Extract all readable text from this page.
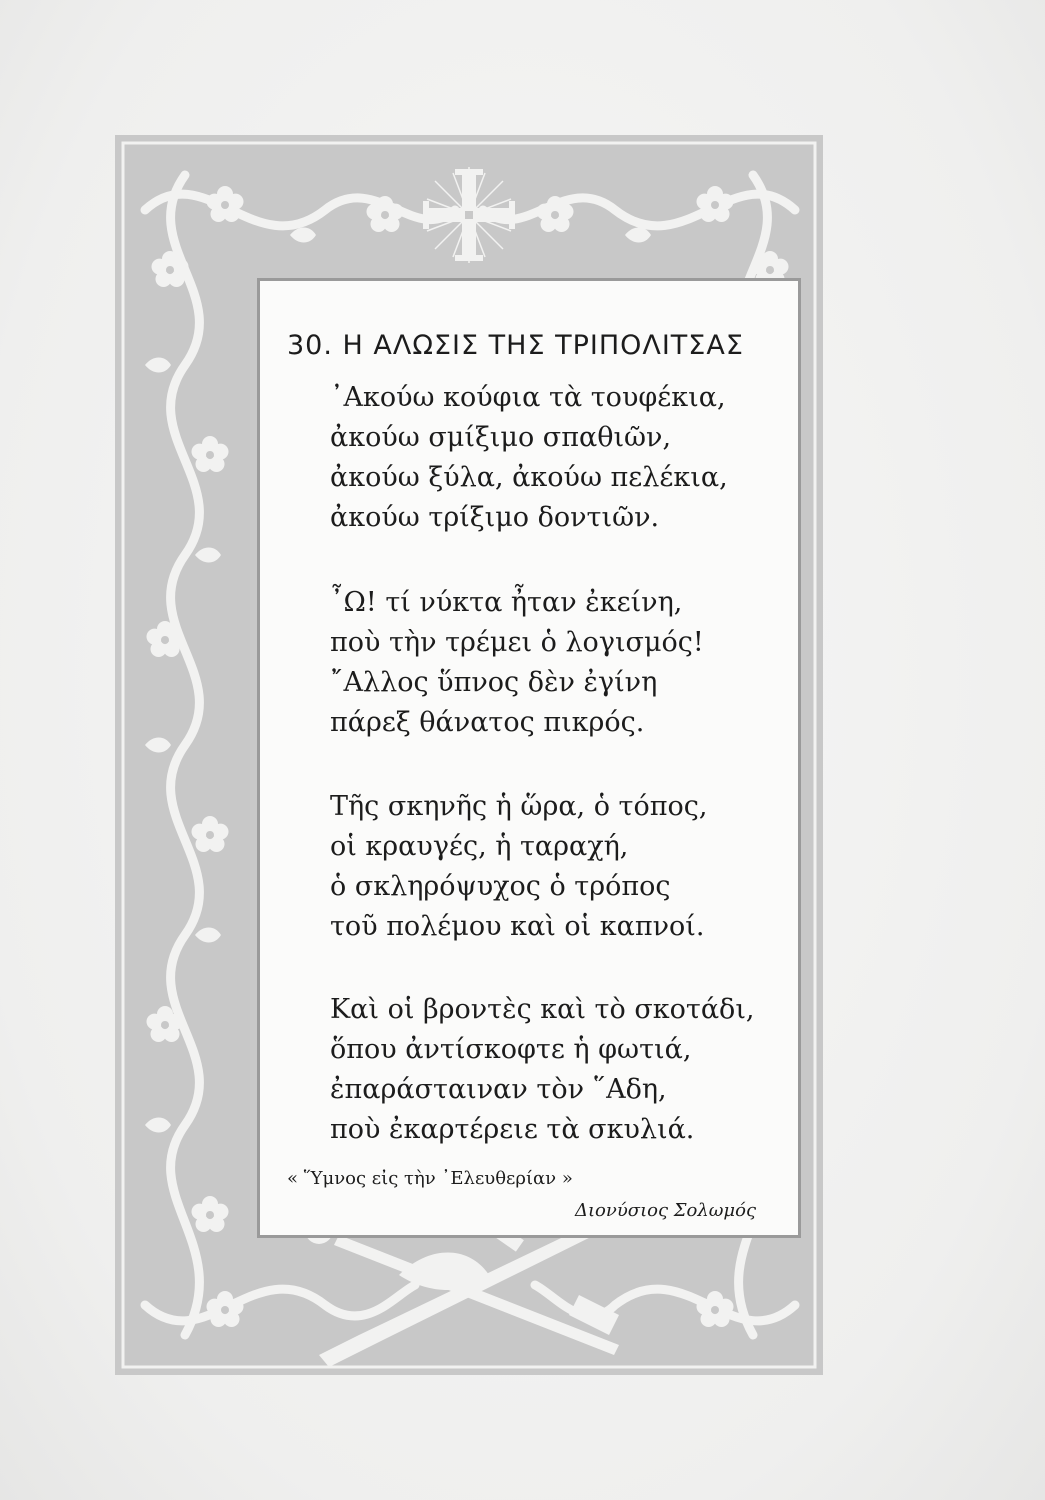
30. Η ΑΛΩΣΙΣ ΤΗΣ ΤΡΙΠΟΛΙΤΣΑΣ
᾿Ακούω κούφια τὰ τουφέκια,
ἀκούω σμίξιμο σπαθιῶν,
ἀκούω ξύλα, ἀκούω πελέκια,
ἀκούω τρίξιμο δοντιῶν.
῏Ω! τί νύκτα ἦταν ἐκείνη,
ποὺ τὴν τρέμει ὁ λογισμός!
῎Αλλος ὕπνος δὲν ἐγίνη
πάρεξ θάνατος πικρός.
Τῆς σκηνῆς ἡ ὥρα, ὁ τόπος,
οἱ κραυγές, ἡ ταραχή,
ὁ σκληρόψυχος ὁ τρόπος
τοῦ πολέμου καὶ οἱ καπνοί.
Καὶ οἱ βροντὲς καὶ τὸ σκοτάδι,
ὅπου ἀντίσκοφτε ἡ φωτιά,
ἐπαράσταιναν τὸν ῞Αδη,
ποὺ ἐκαρτέρειε τὰ σκυλιά.
« Ὕμνος εἰς τὴν ᾿Ελευθερίαν »
Διονύσιος Σολωμός
